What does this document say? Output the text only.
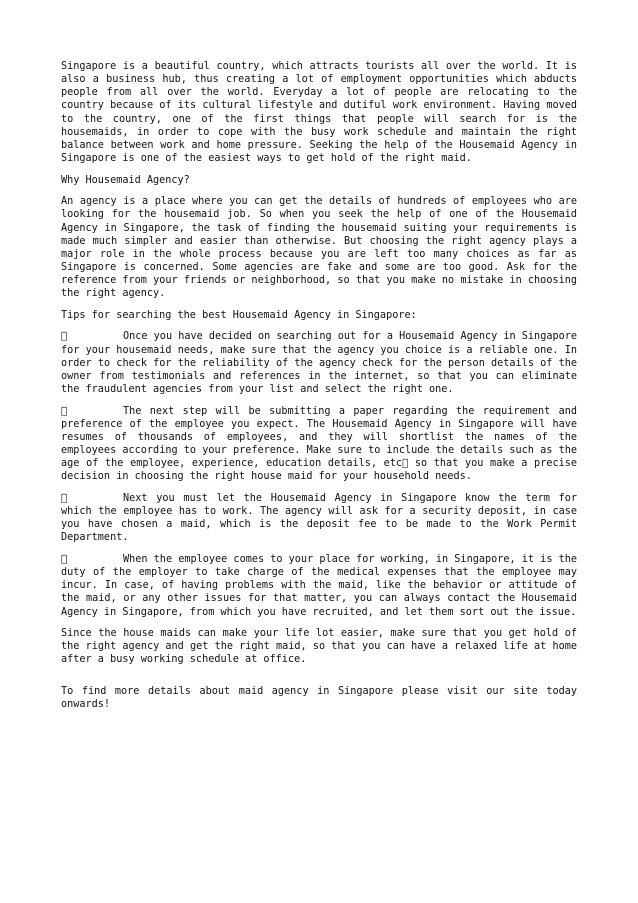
Singapore is a beautiful country, which attracts tourists all over the world. It is also a business hub, thus creating a lot of employment opportunities which abducts people from all over the world. Everyday a lot of people are relocating to the country because of its cultural lifestyle and dutiful work environment. Having moved to the country, one of the first things that people will search for is the housemaids, in order to cope with the busy work schedule and maintain the right balance between work and home pressure. Seeking the help of the Housemaid Agency in Singapore is one of the easiest ways to get hold of the right maid.

Why Housemaid Agency?

An agency is a place where you can get the details of hundreds of employees who are looking for the housemaid job. So when you seek the help of one of the Housemaid Agency in Singapore, the task of finding the housemaid suiting your requirements is made much simpler and easier than otherwise. But choosing the right agency plays a major role in the whole process because you are left too many choices as far as Singapore is concerned. Some agencies are fake and some are too good. Ask for the reference from your friends or neighborhood, so that you make no mistake in choosing the right agency.

Tips for searching the best Housemaid Agency in Singapore:

Once you have decided on searching out for a Housemaid Agency in Singapore for your housemaid needs, make sure that the agency you choice is a reliable one. In order to check for the reliability of the agency check for the person details of the owner from testimonials and references in the internet, so that you can eliminate the fraudulent agencies from your list and select the right one.

The next step will be submitting a paper regarding the requirement and preference of the employee you expect. The Housemaid Agency in Singapore will have resumes of thousands of employees, and they will shortlist the names of the employees according to your preference. Make sure to include the details such as the age of the employee, experience, education details, etc so that you make a precise decision in choosing the right house maid for your household needs.

Next you must let the Housemaid Agency in Singapore know the term for which the employee has to work. The agency will ask for a security deposit, in case you have chosen a maid, which is the deposit fee to be made to the Work Permit Department.

When the employee comes to your place for working, in Singapore, it is the duty of the employer to take charge of the medical expenses that the employee may incur. In case, of having problems with the maid, like the behavior or attitude of the maid, or any other issues for that matter, you can always contact the Housemaid Agency in Singapore, from which you have recruited, and let them sort out the issue.

Since the house maids can make your life lot easier, make sure that you get hold of the right agency and get the right maid, so that you can have a relaxed life at home after a busy working schedule at office.

To find more details about maid agency in Singapore please visit our site today onwards!
